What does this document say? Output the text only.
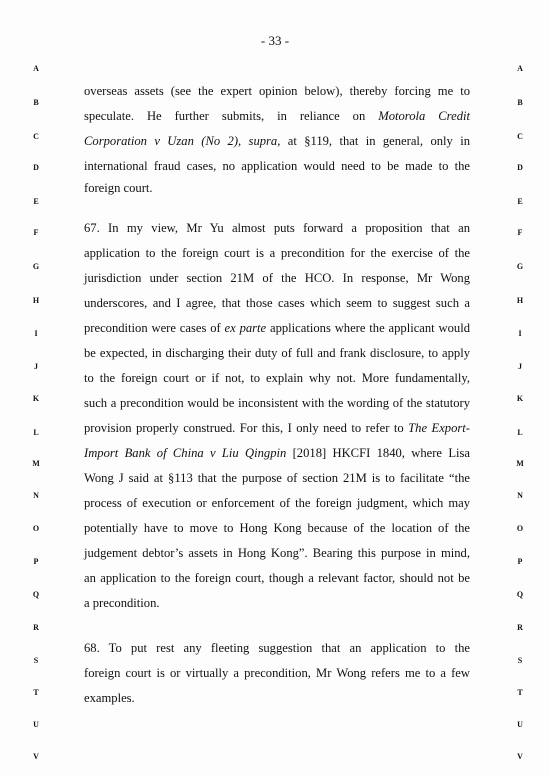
- 33 -
A	A
B	B
C	C
D	D
E	E
F	F
G	G
H	H
I	I
J	J
K	K
L	L
M	M
N	N
O	O
P	P
Q	Q
R	R
S	S
T	T
U	U
V	V
overseas assets (see the expert opinion below), thereby forcing me to
speculate. He further submits, in reliance on Motorola Credit
Corporation v Uzan (No 2), supra, at §119, that in general, only in
international fraud cases, no application would need to be made to the
foreign court.
67. In my view, Mr Yu almost puts forward a proposition that an
application to the foreign court is a precondition for the exercise of the
jurisdiction under section 21M of the HCO. In response, Mr Wong
underscores, and I agree, that those cases which seem to suggest such a
precondition were cases of ex parte applications where the applicant would
be expected, in discharging their duty of full and frank disclosure, to apply
to the foreign court or if not, to explain why not. More fundamentally,
such a precondition would be inconsistent with the wording of the statutory
provision properly construed. For this, I only need to refer to The Export-
Import Bank of China v Liu Qingpin [2018] HKCFI 1840, where Lisa
Wong J said at §113 that the purpose of section 21M is to facilitate “the
process of execution or enforcement of the foreign judgment, which may
potentially have to move to Hong Kong because of the location of the
judgement debtor’s assets in Hong Kong”. Bearing this purpose in mind,
an application to the foreign court, though a relevant factor, should not be
a precondition.
68. To put rest any fleeting suggestion that an application to the
foreign court is or virtually a precondition, Mr Wong refers me to a few
examples.
